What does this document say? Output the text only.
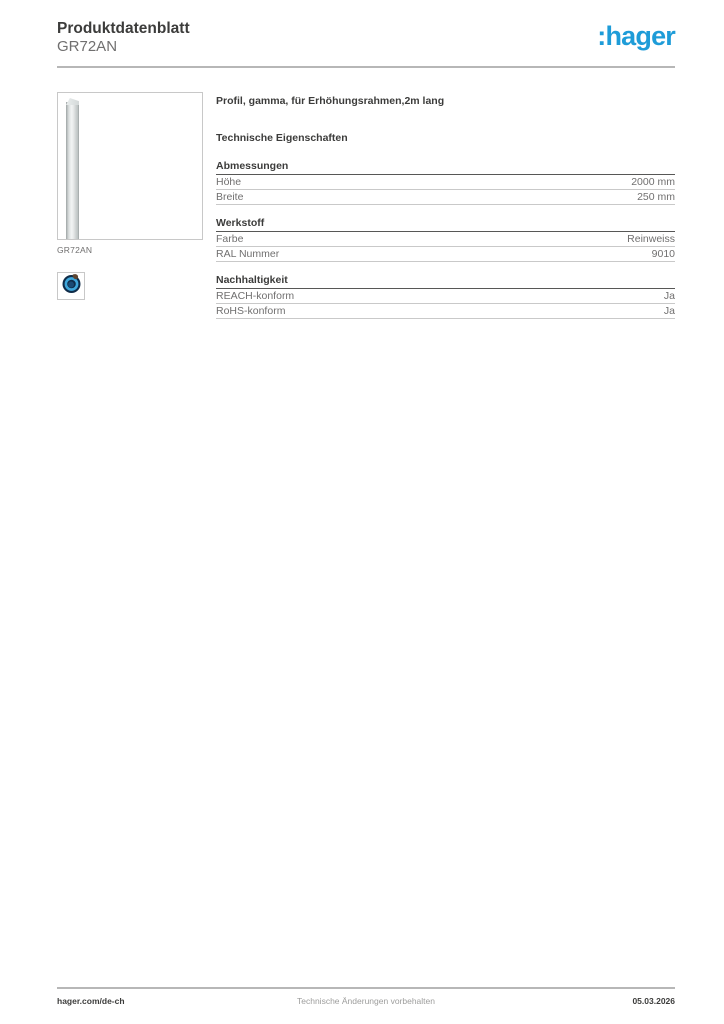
Produktdatenblatt
GR72AN	:hager
GR72AN
Profil, gamma, für Erhöhungsrahmen,2m lang
Technische Eigenschaften
Abmessungen
Höhe	2000 mm
Breite	250 mm
Werkstoff
Farbe	Reinweiss
RAL Nummer	9010
Nachhaltigkeit
REACH-konform	Ja
RoHS-konform	Ja
hager.com/de-ch	Technische Änderungen vorbehalten	05.03.2026
